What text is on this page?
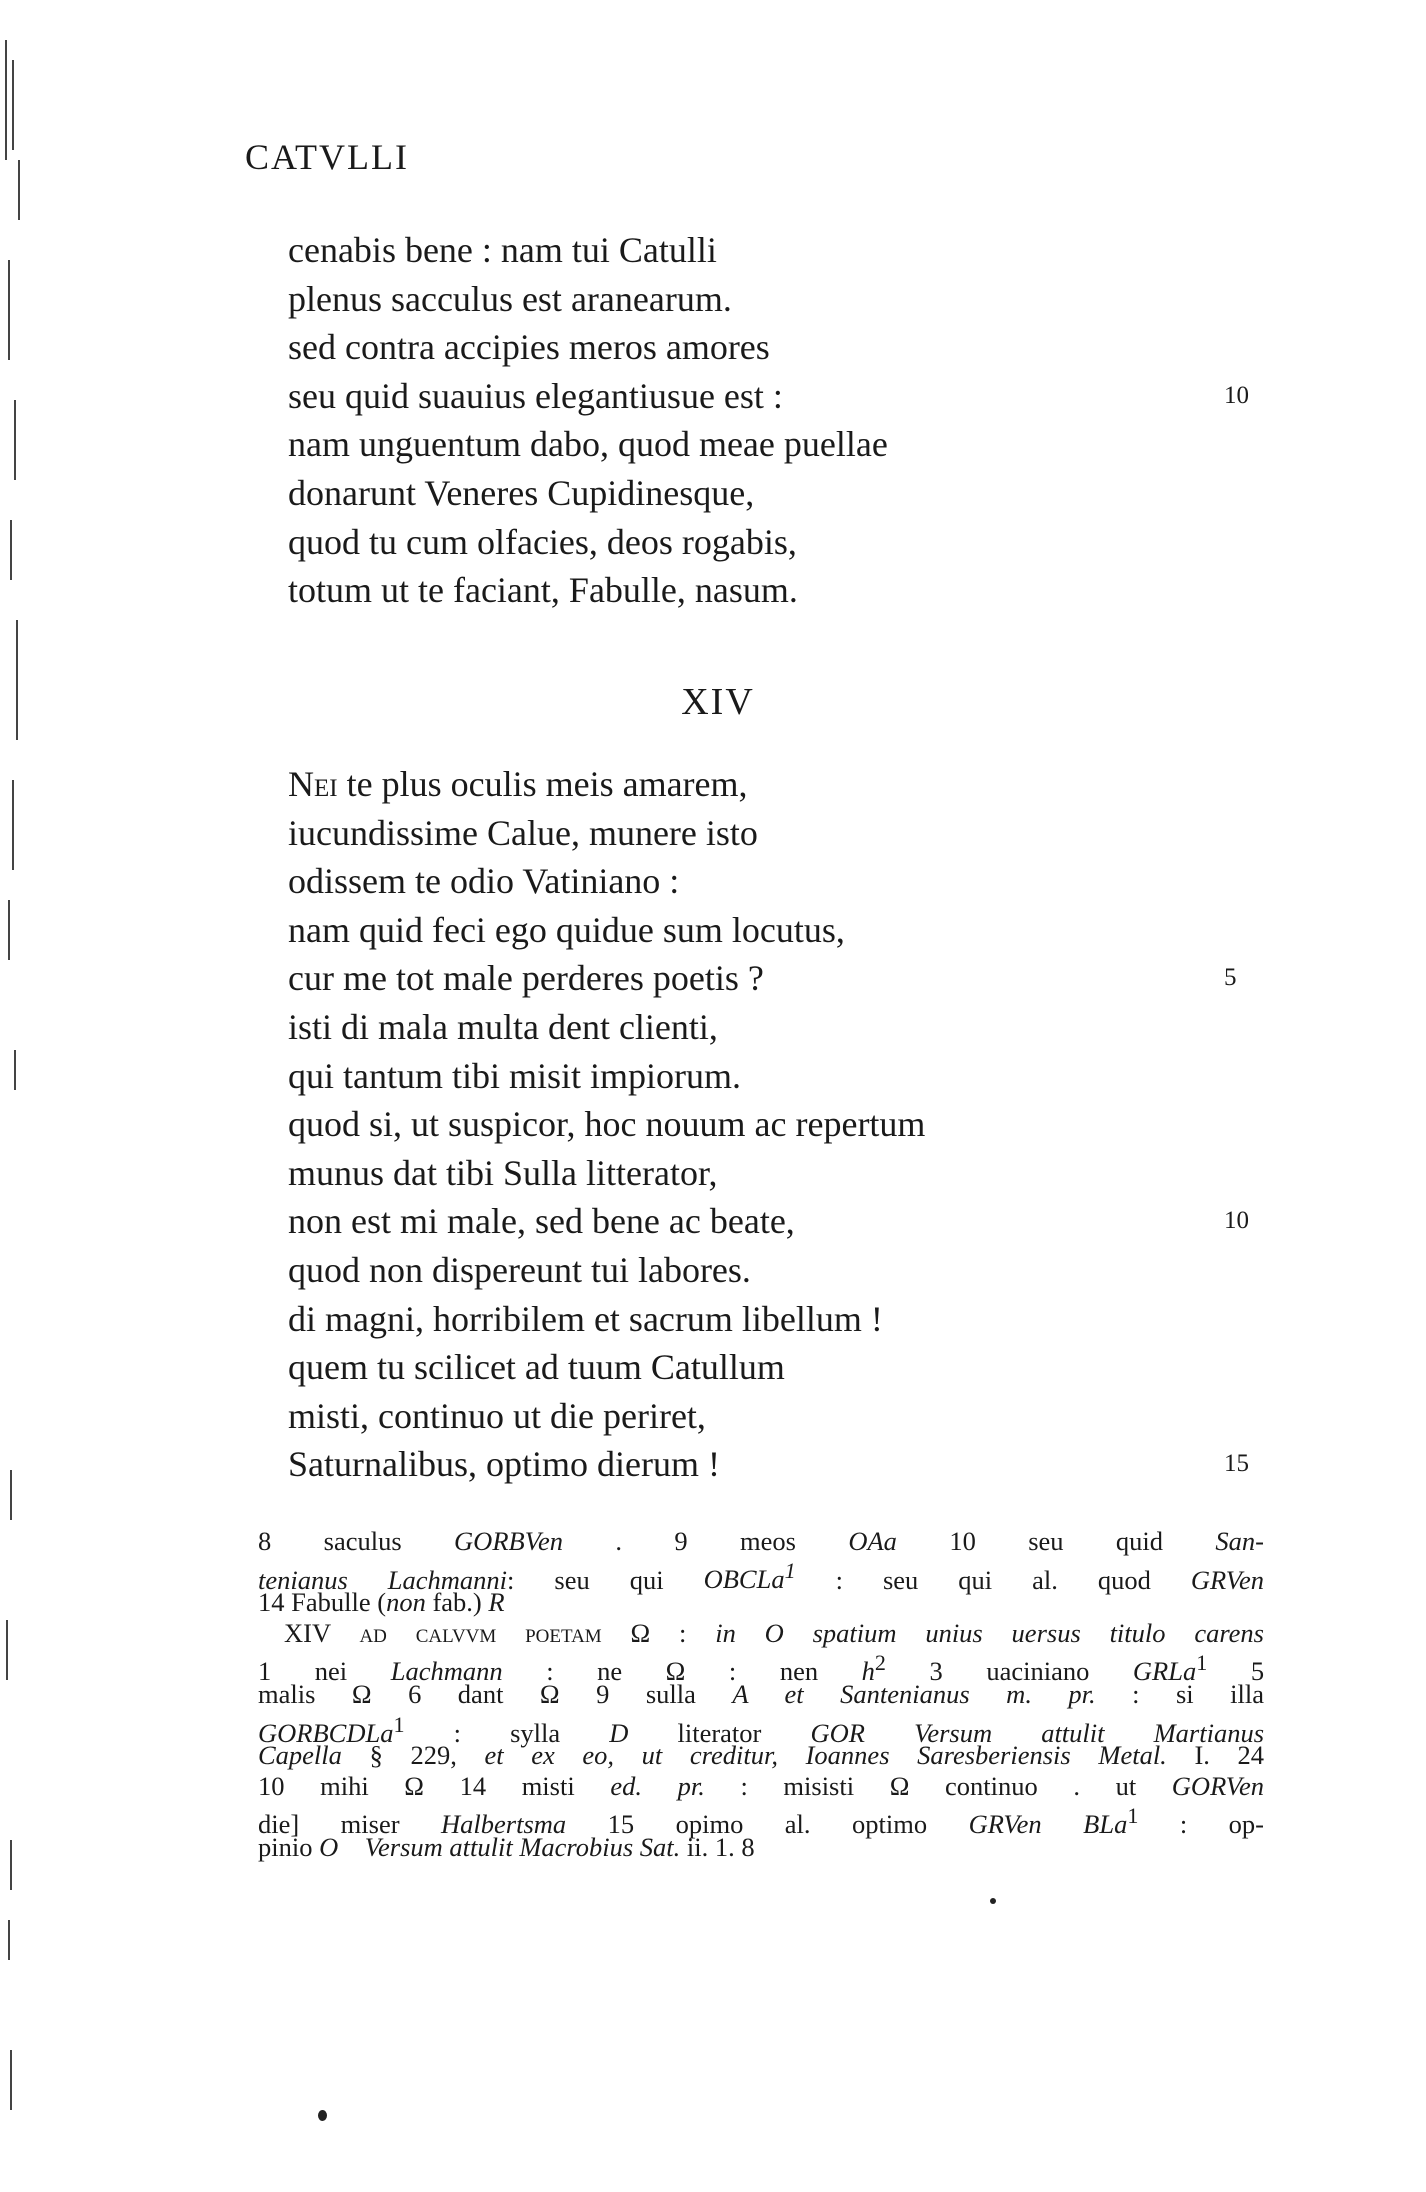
CATVLLI
cenabis bene : nam tui Catulli
plenus sacculus est aranearum.
sed contra accipies meros amores
seu quid suauius elegantiusue est :	10
nam unguentum dabo, quod meae puellae
donarunt Veneres Cupidinesque,
quod tu cum olfacies, deos rogabis,
totum ut te faciant, Fabulle, nasum.
XIV
Nei te plus oculis meis amarem,
iucundissime Calue, munere isto
odissem te odio Vatiniano :
nam quid feci ego quidue sum locutus,
cur me tot male perderes poetis ?	5
isti di mala multa dent clienti,
qui tantum tibi misit impiorum.
quod si, ut suspicor, hoc nouum ac repertum
munus dat tibi Sulla litterator,
non est mi male, sed bene ac beate,	10
quod non dispereunt tui labores.
di magni, horribilem et sacrum libellum !
quem tu scilicet ad tuum Catullum
misti, continuo ut die periret,
Saturnalibus, optimo dierum !	15
8 saculus GORBVen . 9 meos OAa 10 seu quid San-
tenianus Lachmanni: seu qui OBCLa$^1$ : seu qui al. quod GRVen
14 Fabulle (non fab.) R
XIV ad calvvm poetam Ω : in O spatium unius uersus titulo carens
1 nei Lachmann : ne Ω : nen $h^2$ 3 uaciniano GRLa$^1$ 5
malis Ω 6 dant Ω 9 sulla A et Santenianus m. pr. : si illa
GORBCDLa$^1$ : sylla D literator GOR Versum attulit Martianus
Capella § 229, et ex eo, ut creditur, Ioannes Saresberiensis Metal. I. 24
10 mihi Ω 14 misti ed. pr. : misisti Ω continuo . ut GORVen
die] miser Halbertsma 15 opimo al. optimo GRVen BLa$^1$ : op-
pinio O Versum attulit Macrobius Sat. ii. 1. 8
